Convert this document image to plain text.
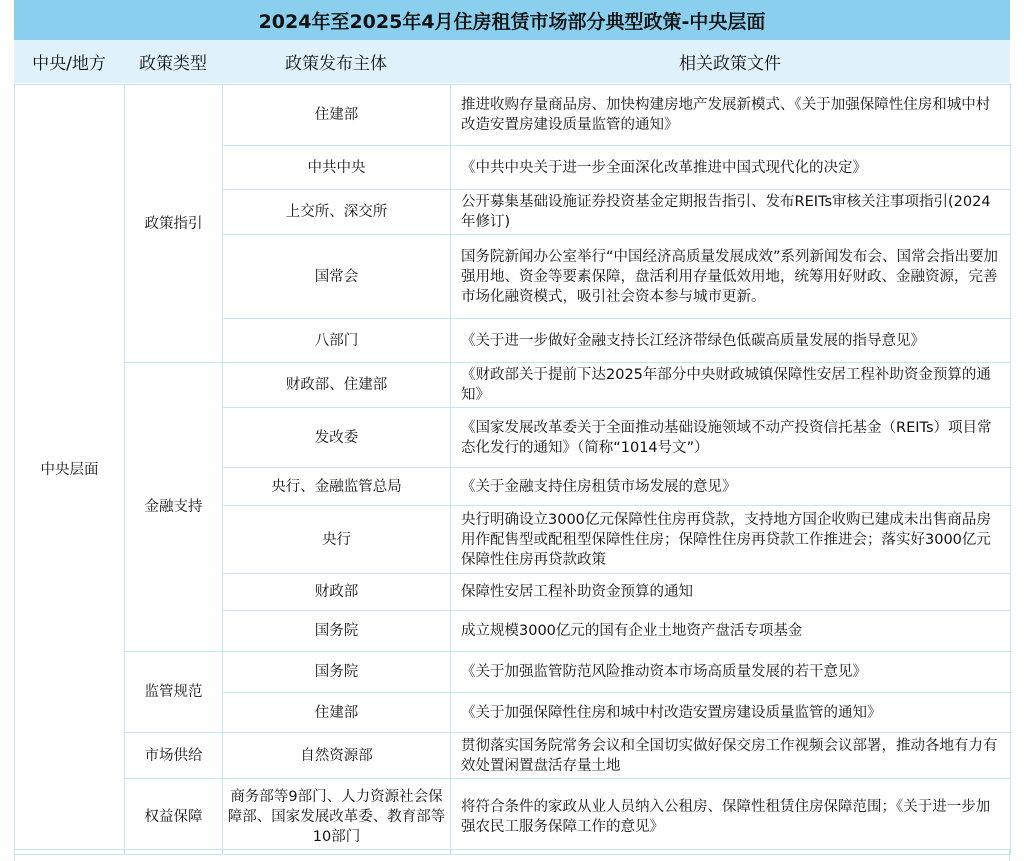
2024年至2025年4月住房租赁市场部分典型政策-中央层面
中央/地方	政策类型	政策发布主体	相关政策文件
中央层面	政策指引	住建部	推进收购存量商品房、加快构建房地产发展新模式、《关于加强保障性住房和城中村改造安置房建设质量监管的通知》
		中共中央	《中共中央关于进一步全面深化改革推进中国式现代化的决定》
		上交所、深交所	公开募集基础设施证券投资基金定期报告指引、发布REITs审核关注事项指引(2024年修订)
		国常会	国务院新闻办公室举行“中国经济高质量发展成效”系列新闻发布会、国常会指出要加强用地、资金等要素保障，盘活利用存量低效用地，统筹用好财政、金融资源，完善市场化融资模式，吸引社会资本参与城市更新。
		八部门	《关于进一步做好金融支持长江经济带绿色低碳高质量发展的指导意见》
	金融支持	财政部、住建部	《财政部关于提前下达2025年部分中央财政城镇保障性安居工程补助资金预算的通知》
		发改委	《国家发展改革委关于全面推动基础设施领域不动产投资信托基金（REITs）项目常态化发行的通知》（简称“1014号文”）
		央行、金融监管总局	《关于金融支持住房租赁市场发展的意见》
		央行	央行明确设立3000亿元保障性住房再贷款，支持地方国企收购已建成未出售商品房用作配售型或配租型保障性住房；保障性住房再贷款工作推进会；落实好3000亿元保障性住房再贷款政策
		财政部	保障性安居工程补助资金预算的通知
		国务院	成立规模3000亿元的国有企业土地资产盘活专项基金
	监管规范	国务院	《关于加强监管防范风险推动资本市场高质量发展的若干意见》
		住建部	《关于加强保障性住房和城中村改造安置房建设质量监管的通知》
	市场供给	自然资源部	贯彻落实国务院常务会议和全国切实做好保交房工作视频会议部署，推动各地有力有效处置闲置盘活存量土地
	权益保障	商务部等9部门、人力资源社会保障部、国家发展改革委、教育部等10部门	将符合条件的家政从业人员纳入公租房、保障性租赁住房保障范围；《关于进一步加强农民工服务保障工作的意见》
